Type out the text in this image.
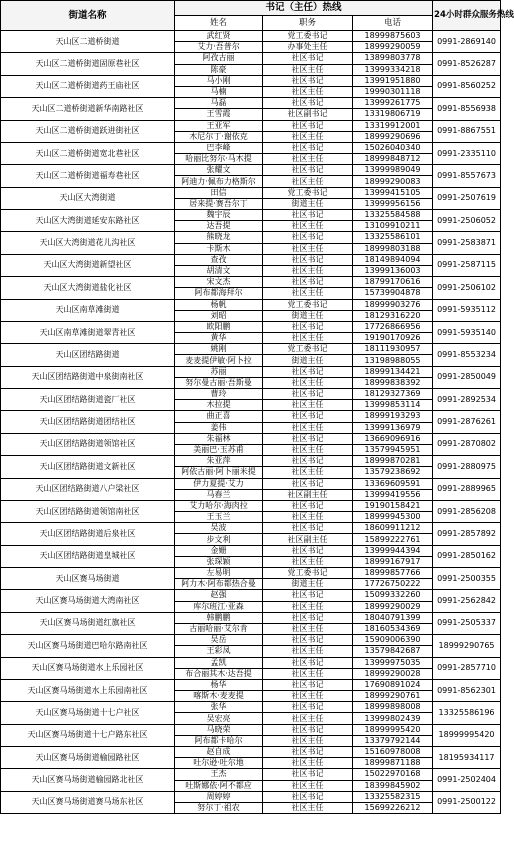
街道名称	书记（主任）热线			24小时群众服务热线
	姓名	职务	电话	
天山区二道桥街道	武红贤	党工委书记	18999875603	0991-2869140
	艾力·吾普尔	办事处主任	18999290059	
天山区二道桥街道固原巷社区	阿孜古丽	社区书记	13899803778	0991-8526287
	陈豪	社区主任	13999334218	
天山区二道桥街道药王庙社区	马小刚	社区书记	13991951880	0991-8560252
	马楠	社区主任	19990301118	
天山区二道桥街道新华南路社区	马磊	社区书记	13999261775	0991-8556938
	王雪霞	社区副书记	13319806719	
天山区二道桥街道跃进街社区	王亚军	社区书记	13319912001	0991-8867551
	木尼尔丁·谢依克	社区主任	18999290696	
天山区二道桥街道宽北巷社区	巴李峰	社区书记	15026040340	0991-2335110
	哈丽比努尔·马木提	社区主任	18999848712	
天山区二道桥街道福寿巷社区	张耀文	社区书记	13999989049	0991-8557673
	阿迪力·佩布力格斯尔	社区主任	18999290083	
天山区大湾街道	田信	党工委书记	13999415105	0991-2507619
	居来提·赛吾尔丁	街道主任	13999956156	
天山区大湾街道延安东路社区	魏宇辰	社区书记	13325584588	0991-2506052
	达吾提	社区主任	13109910211	
天山区大湾街道花儿沟社区	熊晓龙	社区书记	13325586101	0991-2583871
	卡斯木	社区主任	18999803188	
天山区大湾街道新望社区	查孜	社区书记	18149894094	0991-2587115
	胡清文	社区主任	13999136003	
天山区大湾街道盐化社区	宋文杰	社区书记	18799170616	0991-2506102
	阿布都海拜尔	社区主任	15739904878	
天山区南草滩街道	杨帆	党工委书记	18999903276	0991-5935112
	刘昭	街道主任	18129316220	
天山区南草滩街道翠青社区	欧阳鹏	社区书记	17726866956	0991-5935140
	黄华	社区主任	19190170926	
天山区团结路街道	姚刚	党工委书记	18111930957	0991-8553234
	麦麦提伊敏·阿卜拉	街道主任	13198988055	
天山区团结路街道中泉街南社区	苏丽	社区书记	18999134421	0991-2850049
	努尔曼古丽·吾斯曼	社区主任	18999838392	
天山区团结路街道瓷厂社区	曹玲	社区书记	18129327369	0991-2892534
	木拉提	社区主任	13999853114	
天山区团结路街道团结社区	曲正喜	社区书记	18999193293	0991-2876261
	姜伟	社区主任	13999136979	
天山区团结路街道领馆社区	朱福林	社区书记	13669096916	0991-2870802
	美丽巴·玉苏甫	社区主任	13579945951	
天山区团结路街道文新社区	朱亚萍	社区书记	18999870281	0991-2880975
	阿依古丽·阿卜丽米提	社区主任	13579238692	
天山区团结路街道八户梁社区	伊力夏提·艾力	社区书记	13369609591	0991-2889965
	马春兰	社区副主任	13999419556	
天山区团结路街道领馆南社区	艾力哈尔·海肉拉	社区书记	19190158421	0991-2856208
	王玉兰	社区主任	18999945300	
天山区团结路街道后泉社区	吴波	社区书记	18609911212	0991-2857892
	步文利	社区副主任	15899222761	
天山区团结路街道皇城社区	金姗	社区书记	13999944394	0991-2850162
	张琛颖	社区主任	18999167917	
天山区赛马场街道	左易明	党工委书记	18999857766	0991-2500355
	阿力木·阿布都热合曼	街道主任	17726750222	
天山区赛马场街道大湾南社区	赵强	社区书记	15099332260	0991-2562842
	库尔班江·亚森	社区主任	18999290029	
天山区赛马场街道红旗社区	韩鹏鹏	社区书记	18040791399	0991-2505337
	古丽哈丽·艾尔肯	社区主任	18160534369	
天山区赛马场街道巴哈尔路南社区	吴岳	社区书记	15909006390	18999290765
	王彩凤	社区主任	13579842687	
天山区赛马场街道水上乐园社区	孟凯	社区书记	13999975035	0991-2857710
	布合丽其木·达吾提	社区主任	18999290028	
天山区赛马场街道水上乐园南社区	杨华	社区书记	17690891024	0991-8562301
	喀斯木·麦麦提	社区主任	18999290761	
天山区赛马场街道十七户社区	张华	社区书记	18999898008	13325586196
	吴宏亮	社区主任	13999802439	
天山区赛马场街道十七户路东社区	马晓荣	社区书记	18999995420	18999995420
	阿布都卡哈尔	社区主任	13379792144	
天山区赛马场街道榆园路社区	赵自成	社区书记	15160978008	18195934117
	吐尔逊·吐尔地	社区主任	18999871188	
天山区赛马场街道榆园路北社区	王杰	社区书记	15022970168	0991-2502404
	吐斯娜依·阿不都应	社区主任	18399845902	
天山区赛马场街道赛马场东社区	周婷婷	社区书记	13325582315	0991-2500122
	努尔丁·祖农	社区主任	15699226212	
